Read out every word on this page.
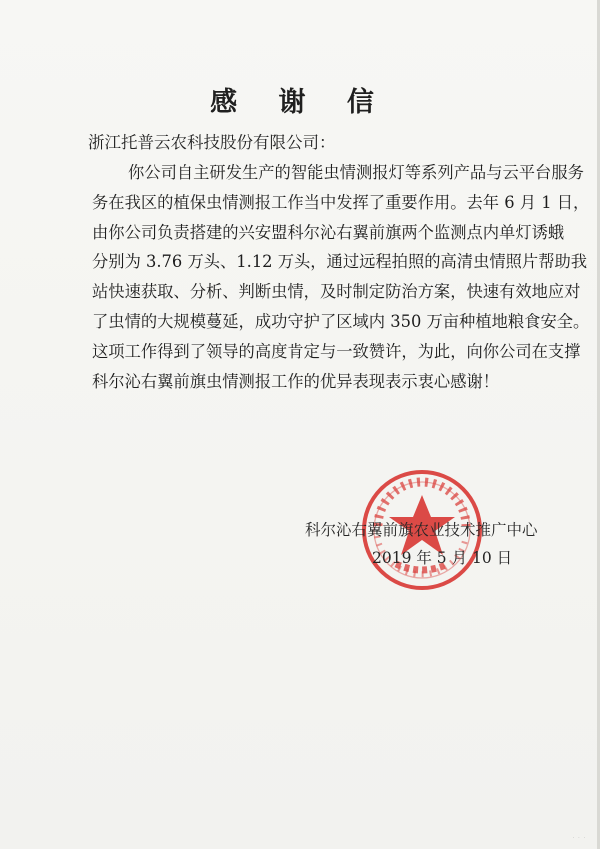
感 谢 信
浙江托普云农科技股份有限公司：
你公司自主研发生产的智能虫情测报灯等系列产品与云平台服务
务在我区的植保虫情测报工作当中发挥了重要作用。去年 6 月 1 日，
由你公司负责搭建的兴安盟科尔沁右翼前旗两个监测点内单灯诱蛾
分别为 3.76 万头、1.12 万头，通过远程拍照的高清虫情照片帮助我
站快速获取、分析、判断虫情，及时制定防治方案，快速有效地应对
了虫情的大规模蔓延，成功守护了区域内 350 万亩种植地粮食安全。
这项工作得到了领导的高度肯定与一致赞许，为此，向你公司在支撑
科尔沁右翼前旗虫情测报工作的优异表现表示衷心感谢！
科尔沁右翼前旗农业技术推广中心
2019 年 5 月 10 日
· · ·
